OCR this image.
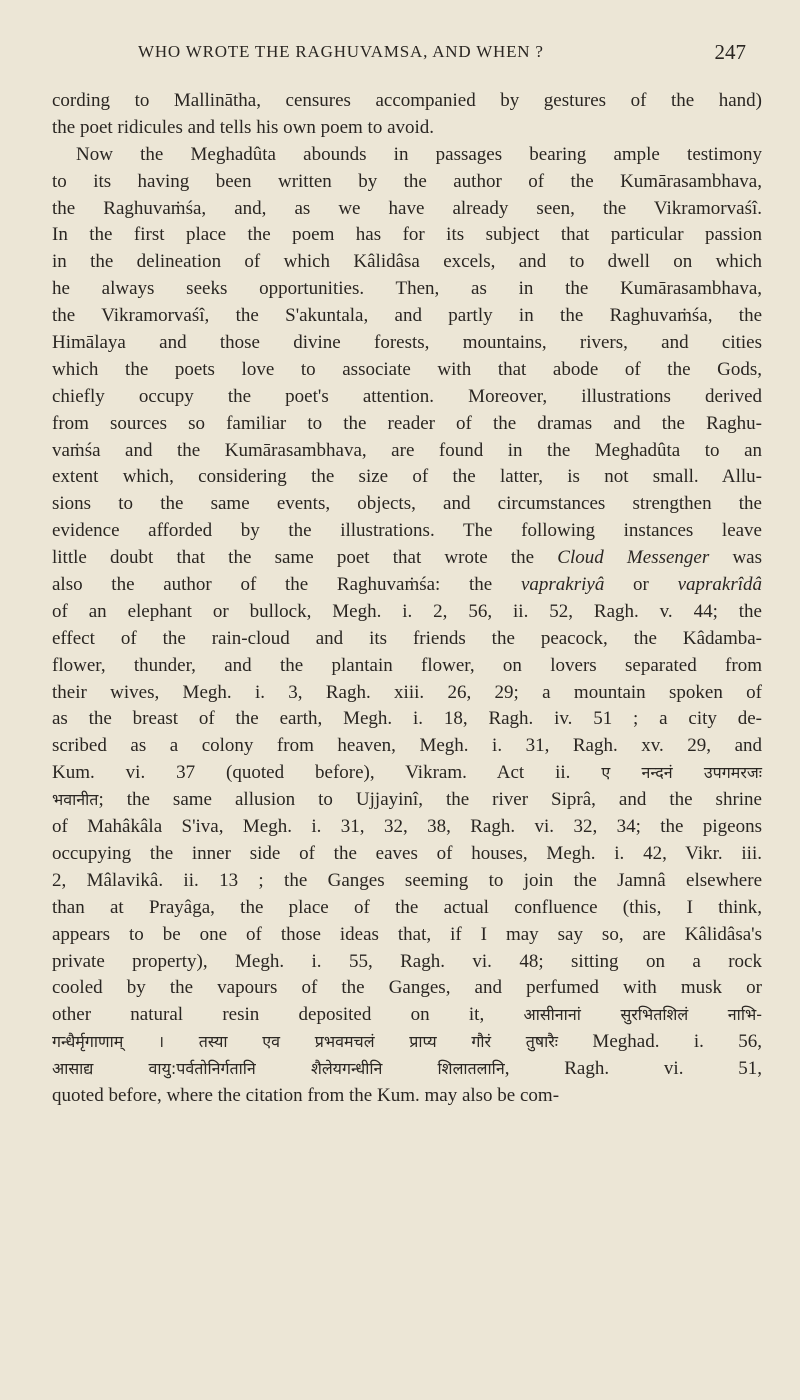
WHO WROTE THE RAGHUVAMSA, AND WHEN ?	247
cording to Mallinātha, censures accompanied by gestures of the hand)
the poet ridicules and tells his own poem to avoid.
Now the Meghadûta abounds in passages bearing ample testimony
to its having been written by the author of the Kumārasambhava,
the Raghuvaṁśa, and, as we have already seen, the Vikramorvaśî.
In the first place the poem has for its subject that particular passion
in the delineation of which Kâlidâsa excels, and to dwell on which
he always seeks opportunities. Then, as in the Kumārasambhava,
the Vikramorvaśî, the S'akuntala, and partly in the Raghuvaṁśa, the
Himālaya and those divine forests, mountains, rivers, and cities
which the poets love to associate with that abode of the Gods,
chiefly occupy the poet's attention. Moreover, illustrations derived
from sources so familiar to the reader of the dramas and the Raghu-
vaṁśa and the Kumārasambhava, are found in the Meghadûta to an
extent which, considering the size of the latter, is not small. Allu-
sions to the same events, objects, and circumstances strengthen the
evidence afforded by the illustrations. The following instances leave
little doubt that the same poet that wrote the Cloud Messenger was
also the author of the Raghuvaṁśa: the vaprakriyâ or vaprakrîdâ
of an elephant or bullock, Megh. i. 2, 56, ii. 52, Ragh. v. 44; the
effect of the rain-cloud and its friends the peacock, the Kâdamba-
flower, thunder, and the plantain flower, on lovers separated from
their wives, Megh. i. 3, Ragh. xiii. 26, 29; a mountain spoken of
as the breast of the earth, Megh. i. 18, Ragh. iv. 51 ; a city de-
scribed as a colony from heaven, Megh. i. 31, Ragh. xv. 29, and
Kum. vi. 37 (quoted before), Vikram. Act ii. ए नन्दनं उपगमरजः
भवानीत; the same allusion to Ujjayinî, the river Siprâ, and the shrine
of Mahâkâla S'iva, Megh. i. 31, 32, 38, Ragh. vi. 32, 34; the pigeons
occupying the inner side of the eaves of houses, Megh. i. 42, Vikr. iii.
2, Mâlavikâ. ii. 13 ; the Ganges seeming to join the Jamnâ elsewhere
than at Prayâga, the place of the actual confluence (this, I think,
appears to be one of those ideas that, if I may say so, are Kâlidâsa's
private property), Megh. i. 55, Ragh. vi. 48; sitting on a rock
cooled by the vapours of the Ganges, and perfumed with musk or
other natural resin deposited on it, आसीनानां सुरभितशिलं नाभि-
गन्धैर्मृगाणाम् । तस्या एव प्रभवमचलं प्राप्य गौरं तुषारैः Meghad. i. 56,
आसाद्य वायु:पर्वतोनिर्गतानि शैलेयगन्धीनि शिलातलानि, Ragh. vi. 51,
quoted before, where the citation from the Kum. may also be com-
